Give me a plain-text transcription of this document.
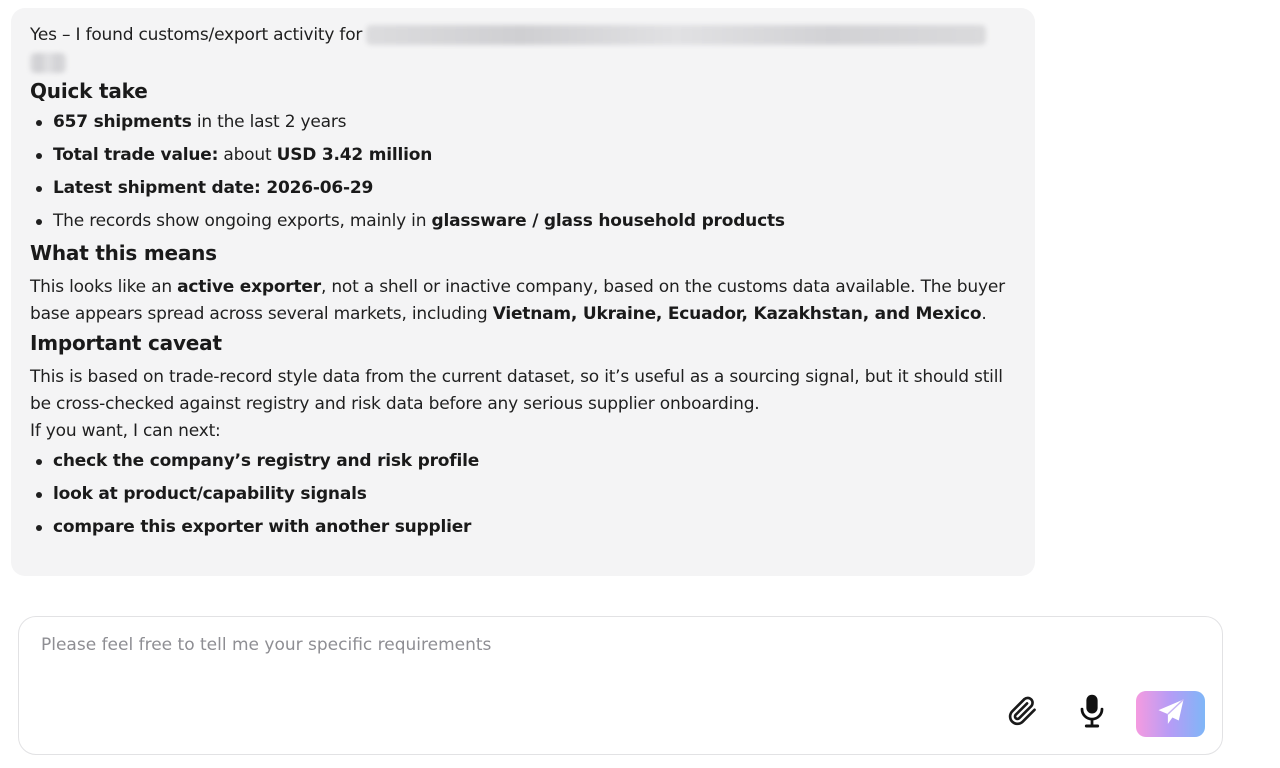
Yes – I found customs/export activity for

Quick take
657 shipments in the last 2 years
Total trade value: about USD 3.42 million
Latest shipment date: 2026-06-29
The records show ongoing exports, mainly in glassware / glass household products
What this means

This looks like an active exporter, not a shell or inactive company, based on the customs data available. The buyer base appears spread across several markets, including Vietnam, Ukraine, Ecuador, Kazakhstan, and Mexico.

Important caveat

This is based on trade-record style data from the current dataset, so it’s useful as a sourcing signal, but it should still be cross-checked against registry and risk data before any serious supplier onboarding.

If you want, I can next:

check the company’s registry and risk profile
look at product/capability signals
compare this exporter with another supplier
Please feel free to tell me your specific requirements
